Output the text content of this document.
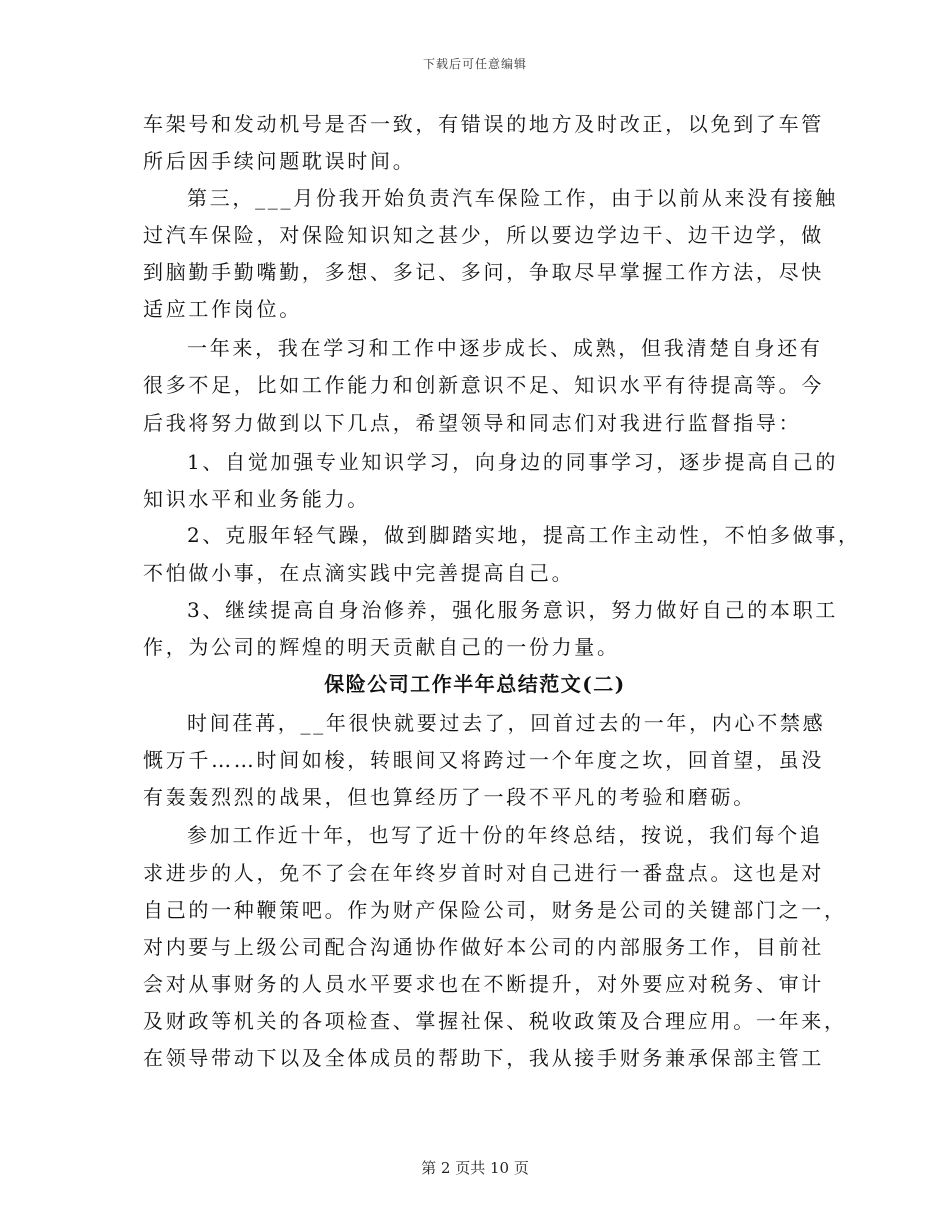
下载后可任意编辑
车架号和发动机号是否一致，有错误的地方及时改正，以免到了车管
所后因手续问题耽误时间。
第三，___月份我开始负责汽车保险工作，由于以前从来没有接触
过汽车保险，对保险知识知之甚少，所以要边学边干、边干边学，做
到脑勤手勤嘴勤，多想、多记、多问，争取尽早掌握工作方法，尽快
适应工作岗位。
一年来，我在学习和工作中逐步成长、成熟，但我清楚自身还有
很多不足，比如工作能力和创新意识不足、知识水平有待提高等。今
后我将努力做到以下几点，希望领导和同志们对我进行监督指导：
1、自觉加强专业知识学习，向身边的同事学习，逐步提高自己的
知识水平和业务能力。
2、克服年轻气躁，做到脚踏实地，提高工作主动性，不怕多做事，
不怕做小事，在点滴实践中完善提高自己。
3、继续提高自身治修养，强化服务意识，努力做好自己的本职工
作，为公司的辉煌的明天贡献自己的一份力量。
保险公司工作半年总结范文(二)
时间荏苒，__年很快就要过去了，回首过去的一年，内心不禁感
慨万千……时间如梭，转眼间又将跨过一个年度之坎，回首望，虽没
有轰轰烈烈的战果，但也算经历了一段不平凡的考验和磨砺。
参加工作近十年，也写了近十份的年终总结，按说，我们每个追
求进步的人，免不了会在年终岁首时对自己进行一番盘点。这也是对
自己的一种鞭策吧。作为财产保险公司，财务是公司的关键部门之一，
对内要与上级公司配合沟通协作做好本公司的内部服务工作，目前社
会对从事财务的人员水平要求也在不断提升，对外要应对税务、审计
及财政等机关的各项检查、掌握社保、税收政策及合理应用。一年来，
在领导带动下以及全体成员的帮助下，我从接手财务兼承保部主管工
第 2 页共 10 页
